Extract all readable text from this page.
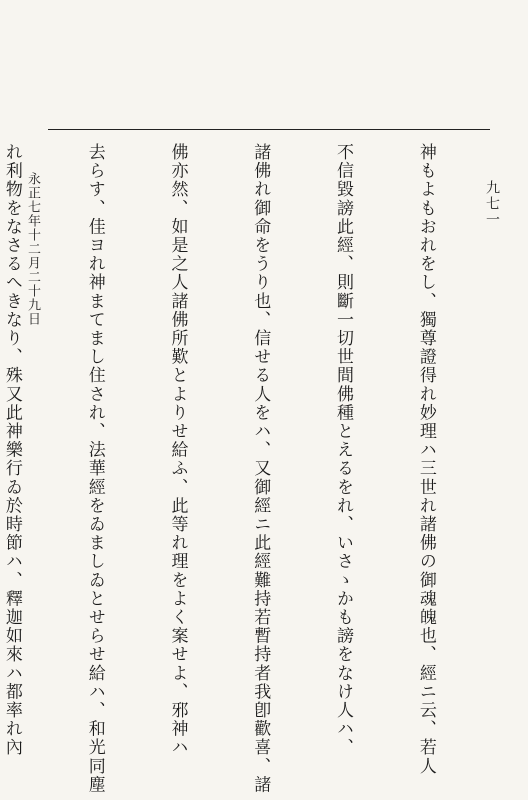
九七一

神もよもおれをし、獨尊證得れ妙理ハ三世れ諸佛の御魂魄也、經ニ云、若人

不信毀謗此經、則斷一切世間佛種とえるをれ、いさゝかも謗をなけ人ハ、

諸佛れ御命をうり也、信せる人をハ、又御經ニ此經難持若暫持者我卽歡喜、諸

佛亦然、如是之人諸佛所歎とよりせ給ふ、此等れ理をよく案せよ、邪神ハ

去らす、佳ヨれ神まてまし住され、法華經をゐましゐとせらせ給ハ、和光同塵

れ利物をなさるへきなり、殊又此神樂行ゐ於時節ハ、釋迦如來ハ都率れ內

永正七年十二月二十九日
